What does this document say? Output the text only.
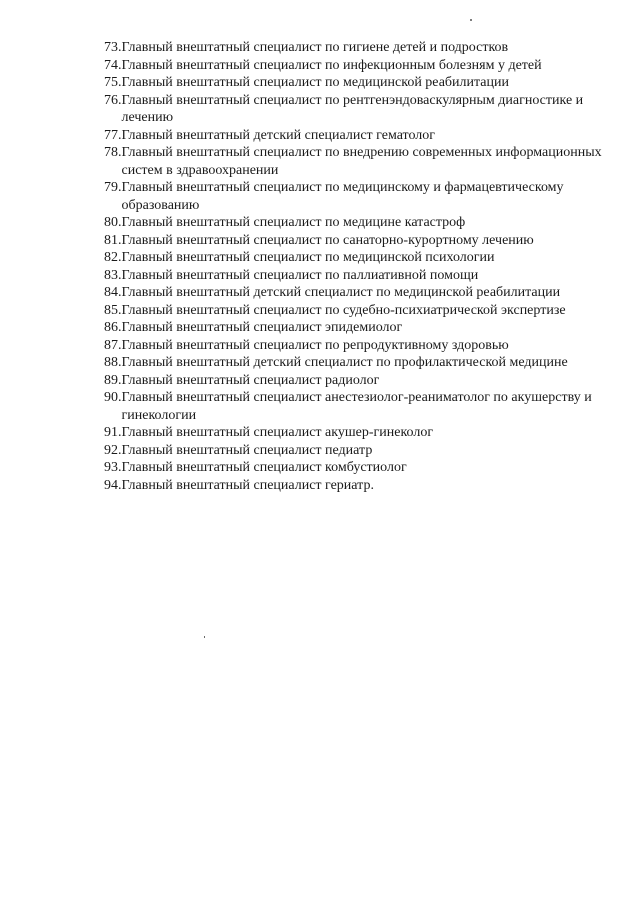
73. Главный внештатный специалист по гигиене детей и подростков
74. Главный внештатный специалист по инфекционным болезням у детей
75. Главный внештатный специалист по медицинской реабилитации
76. Главный внештатный специалист по рентгенэндоваскулярным диагностике и лечению
77. Главный внештатный детский специалист гематолог
78. Главный внештатный специалист по внедрению современных информационных систем в здравоохранении
79. Главный внештатный специалист по медицинскому и фармацевтическому образованию
80. Главный внештатный специалист по медицине катастроф
81. Главный внештатный специалист по санаторно-курортному лечению
82. Главный внештатный специалист по медицинской психологии
83. Главный внештатный специалист по паллиативной помощи
84. Главный внештатный детский специалист по медицинской реабилитации
85. Главный внештатный специалист по судебно-психиатрической экспертизе
86. Главный внештатный специалист эпидемиолог
87. Главный внештатный специалист по репродуктивному здоровью
88. Главный внештатный детский специалист по профилактической медицине
89. Главный внештатный специалист радиолог
90. Главный внештатный специалист анестезиолог-реаниматолог по акушерству и гинекологии
91. Главный внештатный специалист акушер-гинеколог
92. Главный внештатный специалист педиатр
93. Главный внештатный специалист комбустиолог
94. Главный внештатный специалист гериатр.
